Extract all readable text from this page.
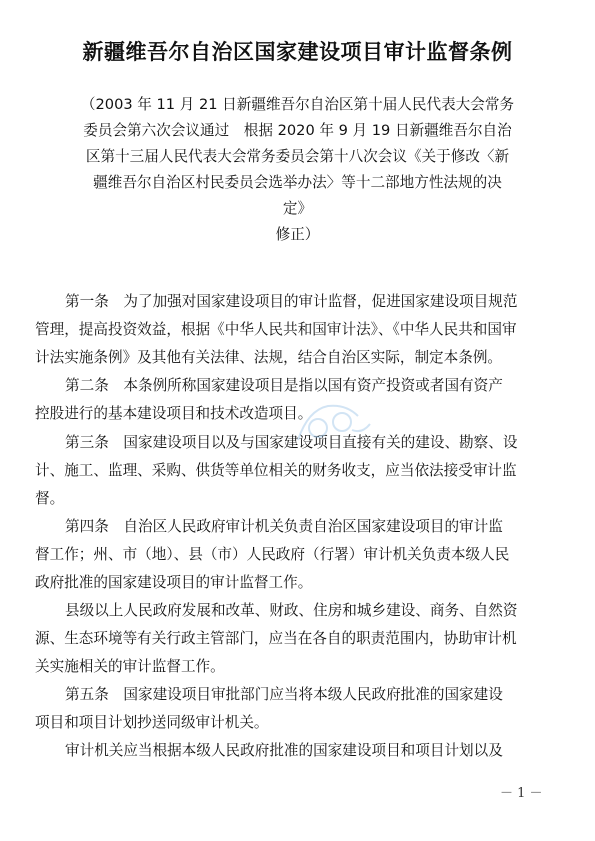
新疆维吾尔自治区国家建设项目审计监督条例
（2003 年 11 月 21 日新疆维吾尔自治区第十届人民代表大会常务
委员会第六次会议通过　根据 2020 年 9 月 19 日新疆维吾尔自治
区第十三届人民代表大会常务委员会第十八次会议《关于修改〈新
疆维吾尔自治区村民委员会选举办法〉等十二部地方性法规的决
定》
修正）
第一条　为了加强对国家建设项目的审计监督，促进国家建设项目规范
管理，提高投资效益，根据《中华人民共和国审计法》、《中华人民共和国审
计法实施条例》及其他有关法律、法规，结合自治区实际，制定本条例。
第二条　本条例所称国家建设项目是指以国有资产投资或者国有资产
控股进行的基本建设项目和技术改造项目。
第三条　国家建设项目以及与国家建设项目直接有关的建设、勘察、设
计、施工、监理、采购、供货等单位相关的财务收支，应当依法接受审计监
督。
第四条　自治区人民政府审计机关负责自治区国家建设项目的审计监
督工作；州、市（地）、县（市）人民政府（行署）审计机关负责本级人民
政府批准的国家建设项目的审计监督工作。
县级以上人民政府发展和改革、财政、住房和城乡建设、商务、自然资
源、生态环境等有关行政主管部门，应当在各自的职责范围内，协助审计机
关实施相关的审计监督工作。
第五条　国家建设项目审批部门应当将本级人民政府批准的国家建设
项目和项目计划抄送同级审计机关。
审计机关应当根据本级人民政府批准的国家建设项目和项目计划以及
－ 1 －
